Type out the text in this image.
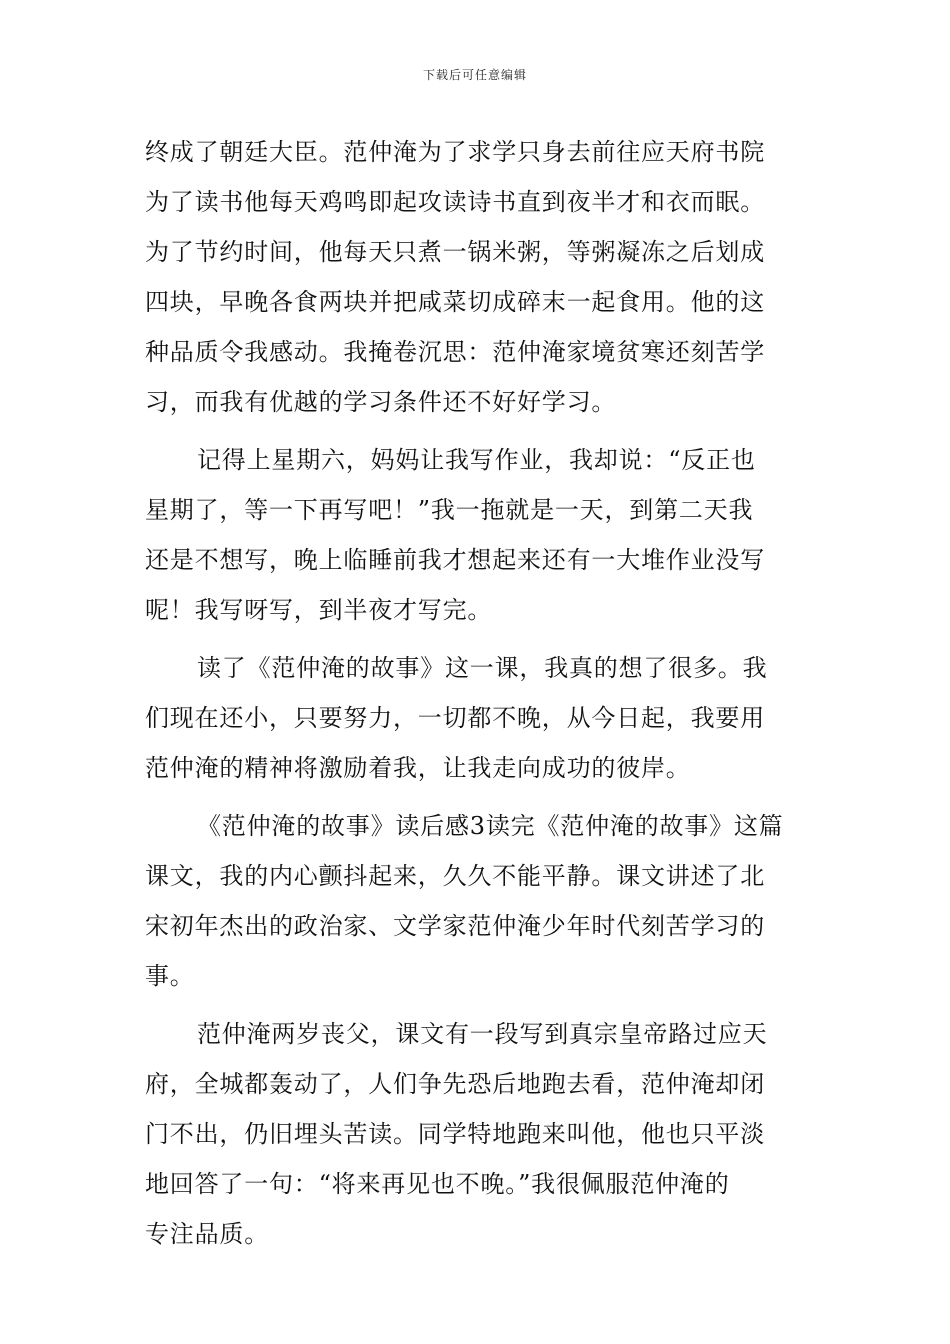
下载后可任意编辑
终成了朝廷大臣。范仲淹为了求学只身去前往应天府书院
为了读书他每天鸡鸣即起攻读诗书直到夜半才和衣而眠。
为了节约时间，他每天只煮一锅米粥，等粥凝冻之后划成
四块，早晚各食两块并把咸菜切成碎末一起食用。他的这
种品质令我感动。我掩卷沉思：范仲淹家境贫寒还刻苦学
习，而我有优越的学习条件还不好好学习。
记得上星期六，妈妈让我写作业，我却说：“反正也
星期了，等一下再写吧！”我一拖就是一天，到第二天我
还是不想写，晚上临睡前我才想起来还有一大堆作业没写
呢！我写呀写，到半夜才写完。
读了《范仲淹的故事》这一课，我真的想了很多。我
们现在还小，只要努力，一切都不晚，从今日起，我要用
范仲淹的精神将激励着我，让我走向成功的彼岸。
《范仲淹的故事》读后感3读完《范仲淹的故事》这篇
课文，我的内心颤抖起来，久久不能平静。课文讲述了北
宋初年杰出的政治家、文学家范仲淹少年时代刻苦学习的
事。
范仲淹两岁丧父，课文有一段写到真宗皇帝路过应天
府，全城都轰动了，人们争先恐后地跑去看，范仲淹却闭
门不出，仍旧埋头苦读。同学特地跑来叫他，他也只平淡
地回答了一句：“将来再见也不晚。”我很佩服范仲淹的
专注品质。
